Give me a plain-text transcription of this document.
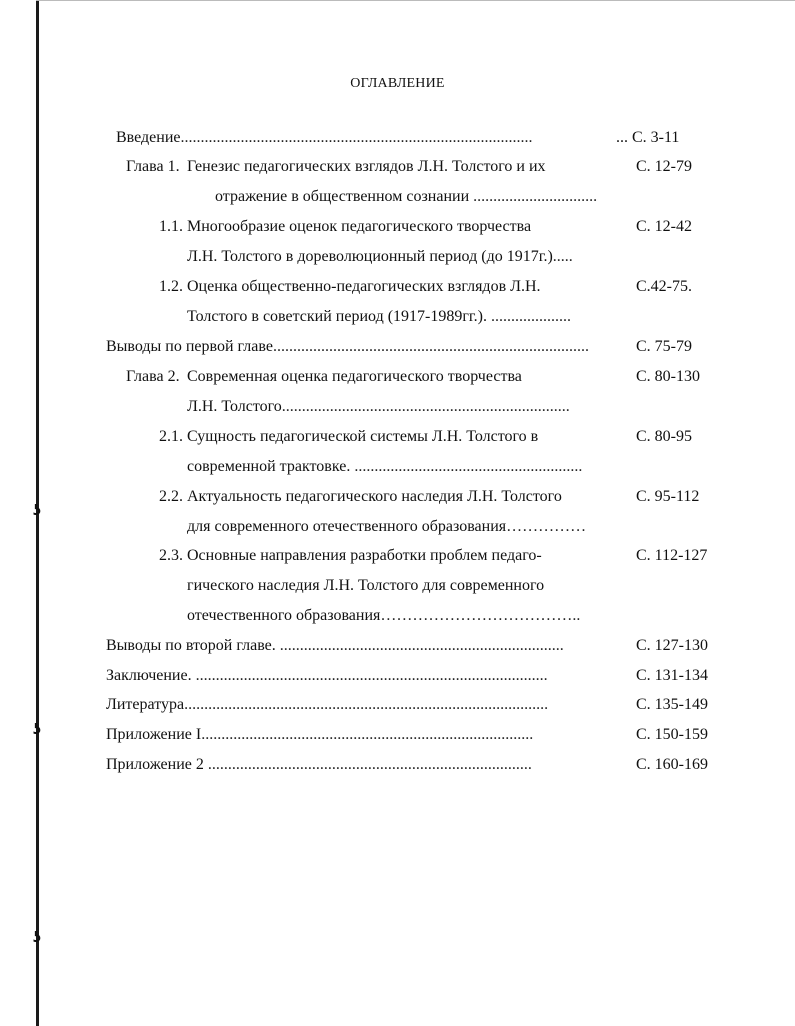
ʖ
ʖ
ʖ
ОГЛАВЛЕНИЕ
Введение........................................................................................	... С. 3-11
Глава 1. Генезис педагогических взглядов Л.Н. Толстого и их	С. 12-79
отражение в общественном сознании ...............................
1.1. Многообразие оценок педагогического творчества	С. 12-42
Л.Н. Толстого в дореволюционный период (до 1917г.).....
1.2. Оценка общественно-педагогических взглядов Л.Н.	С.42-75.
Толстого в советский период (1917-1989гг.). ....................
Выводы по первой главе...............................................................................	С. 75-79
Глава 2. Современная оценка педагогического творчества	С. 80-130
Л.Н. Толстого........................................................................
2.1. Сущность педагогической системы Л.Н. Толстого в	С. 80-95
современной трактовке. .........................................................
2.2. Актуальность педагогического наследия Л.Н. Толстого	С. 95-112
для современного отечественного образования……………
2.3. Основные направления разработки проблем педаго-	С. 112-127
гического наследия Л.Н. Толстого для современного
отечественного образования………………………………..
Выводы по второй главе. .......................................................................	С. 127-130
Заключение. ........................................................................................	С. 131-134
Литература...........................................................................................	С. 135-149
Приложение I...................................................................................	С. 150-159
Приложение 2 .................................................................................	С. 160-169
